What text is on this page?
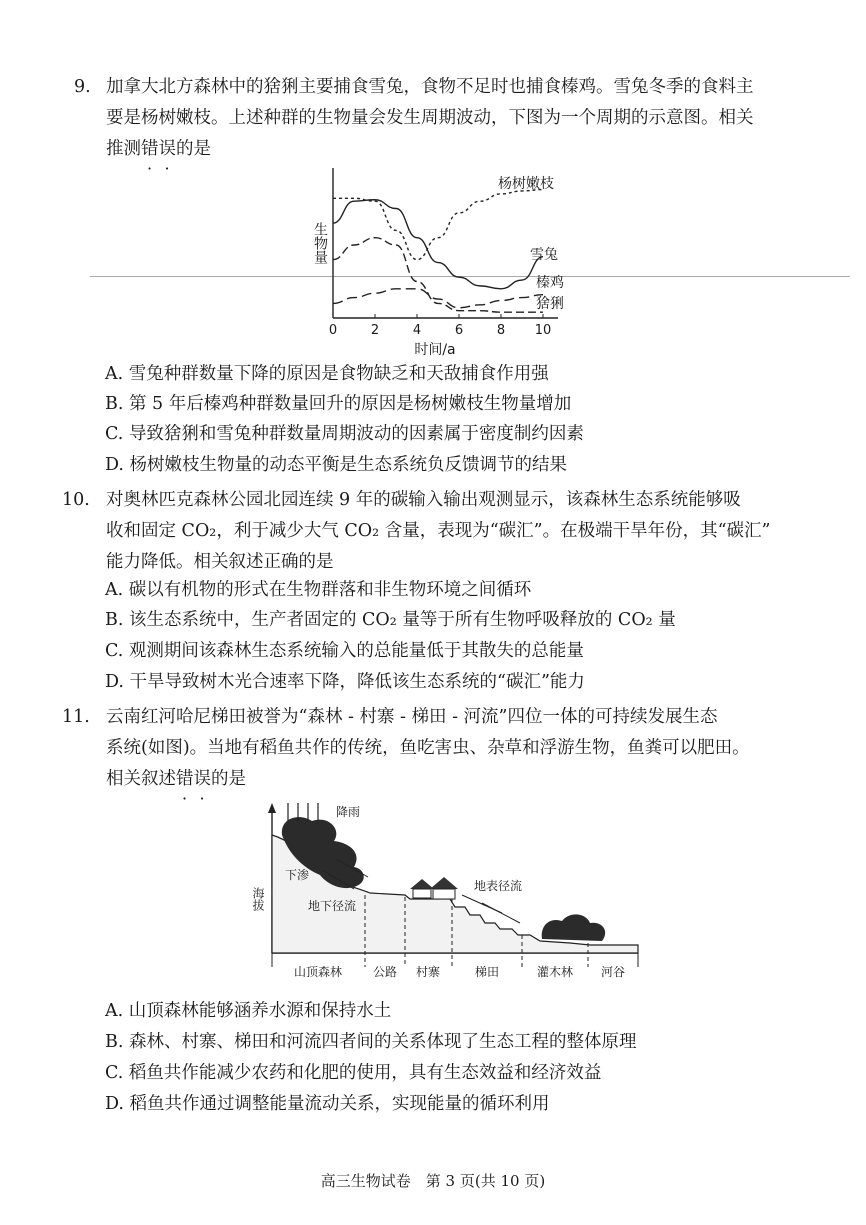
9. 加拿大北方森林中的猞猁主要捕食雪兔，食物不足时也捕食榛鸡。雪兔冬季的食料主
要是杨树嫩枝。上述种群的生物量会发生周期波动，下图为一个周期的示意图。相关
推测错误的是
生物量
0	2	4	6	8 10
时间/a
杨树嫩枝
雪兔
榛鸡
猞猁
A. 雪兔种群数量下降的原因是食物缺乏和天敌捕食作用强
B. 第 5 年后榛鸡种群数量回升的原因是杨树嫩枝生物量增加
C. 导致猞猁和雪兔种群数量周期波动的因素属于密度制约因素
D. 杨树嫩枝生物量的动态平衡是生态系统负反馈调节的结果
10. 对奥林匹克森林公园北园连续 9 年的碳输入输出观测显示，该森林生态系统能够吸
收和固定 CO₂，利于减少大气 CO₂ 含量，表现为“碳汇”。在极端干旱年份，其“碳汇”
能力降低。相关叙述正确的是
A. 碳以有机物的形式在生物群落和非生物环境之间循环
B. 该生态系统中，生产者固定的 CO₂ 量等于所有生物呼吸释放的 CO₂ 量
C. 观测期间该森林生态系统输入的总能量低于其散失的总能量
D. 干旱导致树木光合速率下降，降低该生态系统的“碳汇”能力
11. 云南红河哈尼梯田被誉为“森林 - 村寨 - 梯田 - 河流”四位一体的可持续发展生态
系统(如图)。当地有稻鱼共作的传统，鱼吃害虫、杂草和浮游生物，鱼粪可以肥田。
相关叙述错误的是
海拔
降雨
下渗
地下径流
地表径流
山顶森林	公路 村寨	梯田	灌木林 河谷
A. 山顶森林能够涵养水源和保持水土
B. 森林、村寨、梯田和河流四者间的关系体现了生态工程的整体原理
C. 稻鱼共作能减少农药和化肥的使用，具有生态效益和经济效益
D. 稻鱼共作通过调整能量流动关系，实现能量的循环利用
高三生物试卷　第 3 页(共 10 页)
